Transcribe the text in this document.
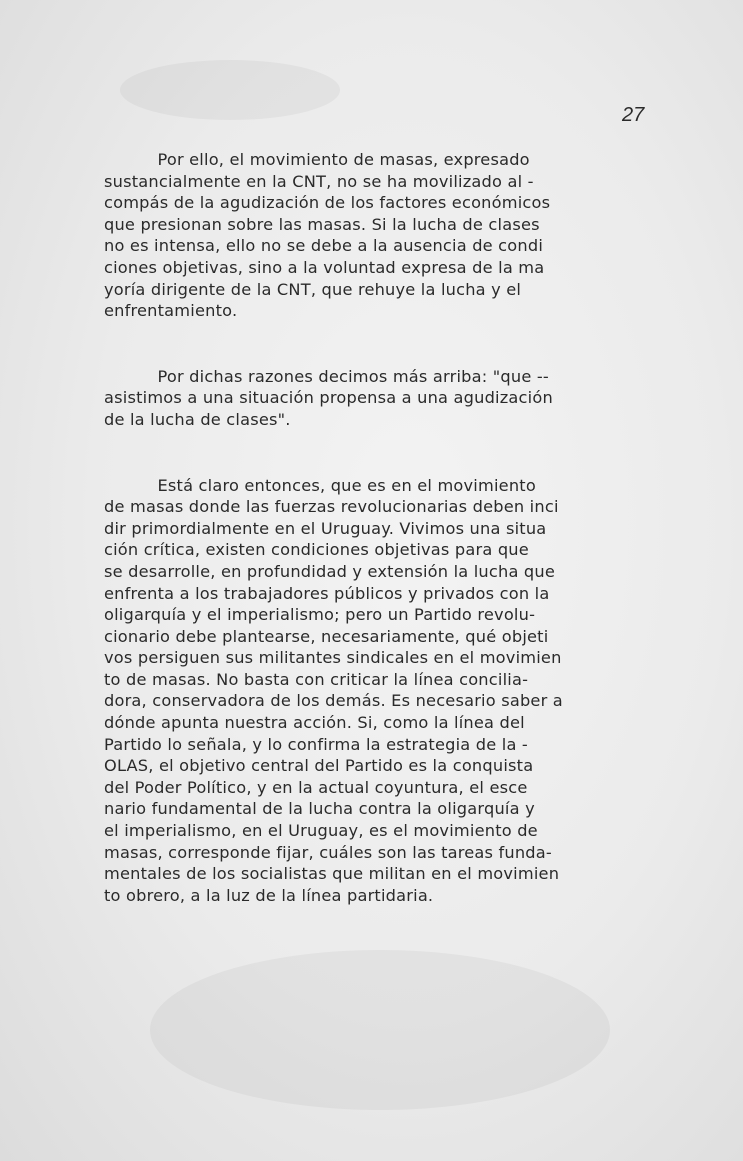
27
Por ello, el movimiento de masas, expresado
sustancialmente en la CNT, no se ha movilizado al -
compás de la agudización de los factores económicos
que presionan sobre las masas. Si la lucha de clases
no es intensa, ello no se debe a la ausencia de condi
ciones objetivas, sino a la voluntad expresa de la ma
yoría dirigente de la CNT, que rehuye la lucha y el
enfrentamiento.
Por dichas razones decimos más arriba: "que --
asistimos a una situación propensa a una agudización
de la lucha de clases".
Está claro entonces, que es en el movimiento
de masas donde las fuerzas revolucionarias deben inci
dir primordialmente en el Uruguay. Vivimos una situa
ción crítica, existen condiciones objetivas para que
se desarrolle, en profundidad y extensión la lucha que
enfrenta a los trabajadores públicos y privados con la
oligarquía y el imperialismo; pero un Partido revolu-
cionario debe plantearse, necesariamente, qué objeti
vos persiguen sus militantes sindicales en el movimien
to de masas. No basta con criticar la línea concilia-
dora, conservadora de los demás. Es necesario saber a
dónde apunta nuestra acción. Si, como la línea del
Partido lo señala, y lo confirma la estrategia de la -
OLAS, el objetivo central del Partido es la conquista
del Poder Político, y en la actual coyuntura, el esce
nario fundamental de la lucha contra la oligarquía y
el imperialismo, en el Uruguay, es el movimiento de
masas, corresponde fijar, cuáles son las tareas funda-
mentales de los socialistas que militan en el movimien
to obrero, a la luz de la línea partidaria.
